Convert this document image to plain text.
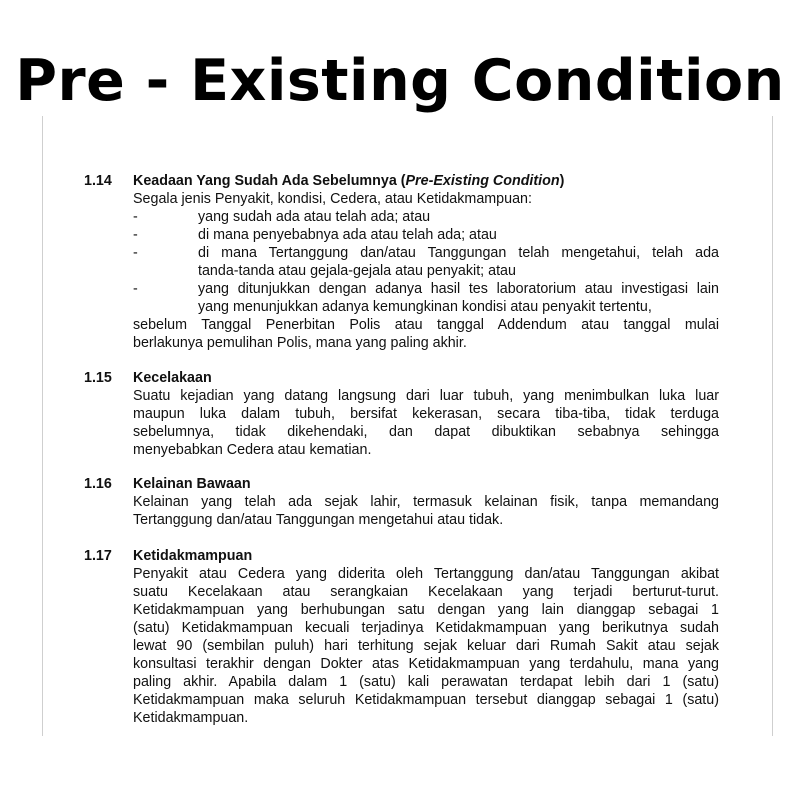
Pre - Existing Condition
1.14 Keadaan Yang Sudah Ada Sebelumnya (Pre-Existing Condition)
Segala jenis Penyakit, kondisi, Cedera, atau Ketidakmampuan:
-	yang sudah ada atau telah ada; atau
-	di mana penyebabnya ada atau telah ada; atau
-	di mana Tertanggung dan/atau Tanggungan telah mengetahui, telah ada
tanda-tanda atau gejala-gejala atau penyakit; atau
-	yang ditunjukkan dengan adanya hasil tes laboratorium atau investigasi lain
yang menunjukkan adanya kemungkinan kondisi atau penyakit tertentu,
sebelum Tanggal Penerbitan Polis atau tanggal Addendum atau tanggal mulai
berlakunya pemulihan Polis, mana yang paling akhir.
1.15 Kecelakaan
Suatu kejadian yang datang langsung dari luar tubuh, yang menimbulkan luka luar
maupun luka dalam tubuh, bersifat kekerasan, secara tiba-tiba, tidak terduga
sebelumnya, tidak dikehendaki, dan dapat dibuktikan sebabnya sehingga
menyebabkan Cedera atau kematian.
1.16 Kelainan Bawaan
Kelainan yang telah ada sejak lahir, termasuk kelainan fisik, tanpa memandang
Tertanggung dan/atau Tanggungan mengetahui atau tidak.
1.17 Ketidakmampuan
Penyakit atau Cedera yang diderita oleh Tertanggung dan/atau Tanggungan akibat
suatu Kecelakaan atau serangkaian Kecelakaan yang terjadi berturut-turut.
Ketidakmampuan yang berhubungan satu dengan yang lain dianggap sebagai 1
(satu) Ketidakmampuan kecuali terjadinya Ketidakmampuan yang berikutnya sudah
lewat 90 (sembilan puluh) hari terhitung sejak keluar dari Rumah Sakit atau sejak
konsultasi terakhir dengan Dokter atas Ketidakmampuan yang terdahulu, mana yang
paling akhir. Apabila dalam 1 (satu) kali perawatan terdapat lebih dari 1 (satu)
Ketidakmampuan maka seluruh Ketidakmampuan tersebut dianggap sebagai 1 (satu)
Ketidakmampuan.
